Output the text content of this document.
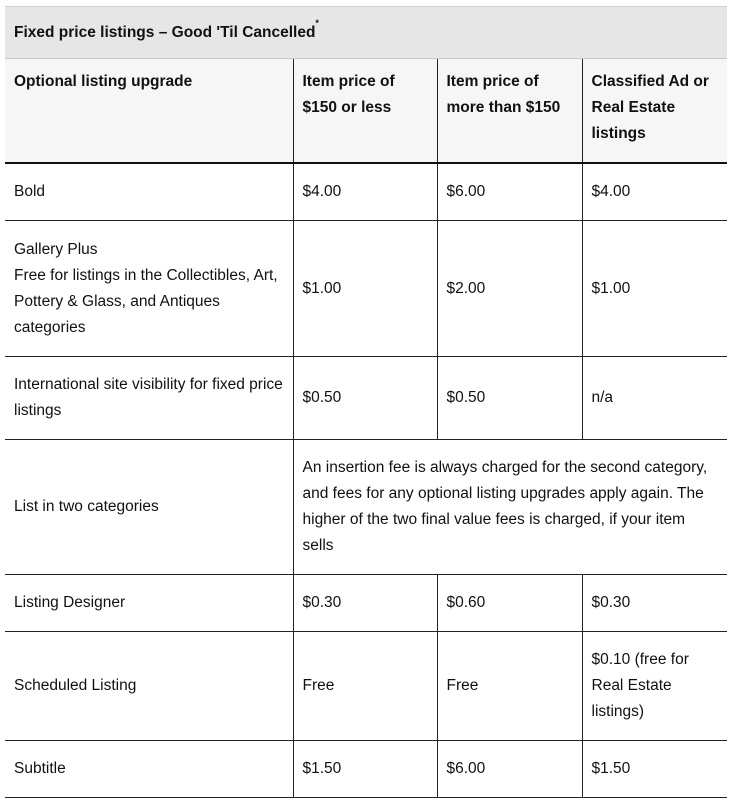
Fixed price listings – Good 'Til Cancelled*
Optional listing upgrade	Item price of $150 or less	Item price of more than $150	Classified Ad or Real Estate listings
Bold	$4.00	$6.00	$4.00

Gallery Plus
Free for listings in the Collectibles, Art, Pottery & Glass, and Antiques categories	$1.00	$2.00	$1.00
International site visibility for fixed price listings	$0.50	$0.50	n/a
List in two categories	An insertion fee is always charged for the second category, and fees for any optional listing upgrades apply again. The higher of the two final value fees is charged, if your item sells		
Listing Designer	$0.30	$0.60	$0.30
Scheduled Listing	Free	Free	$0.10 (free for Real Estate listings)
Subtitle	$1.50	$6.00	$1.50
